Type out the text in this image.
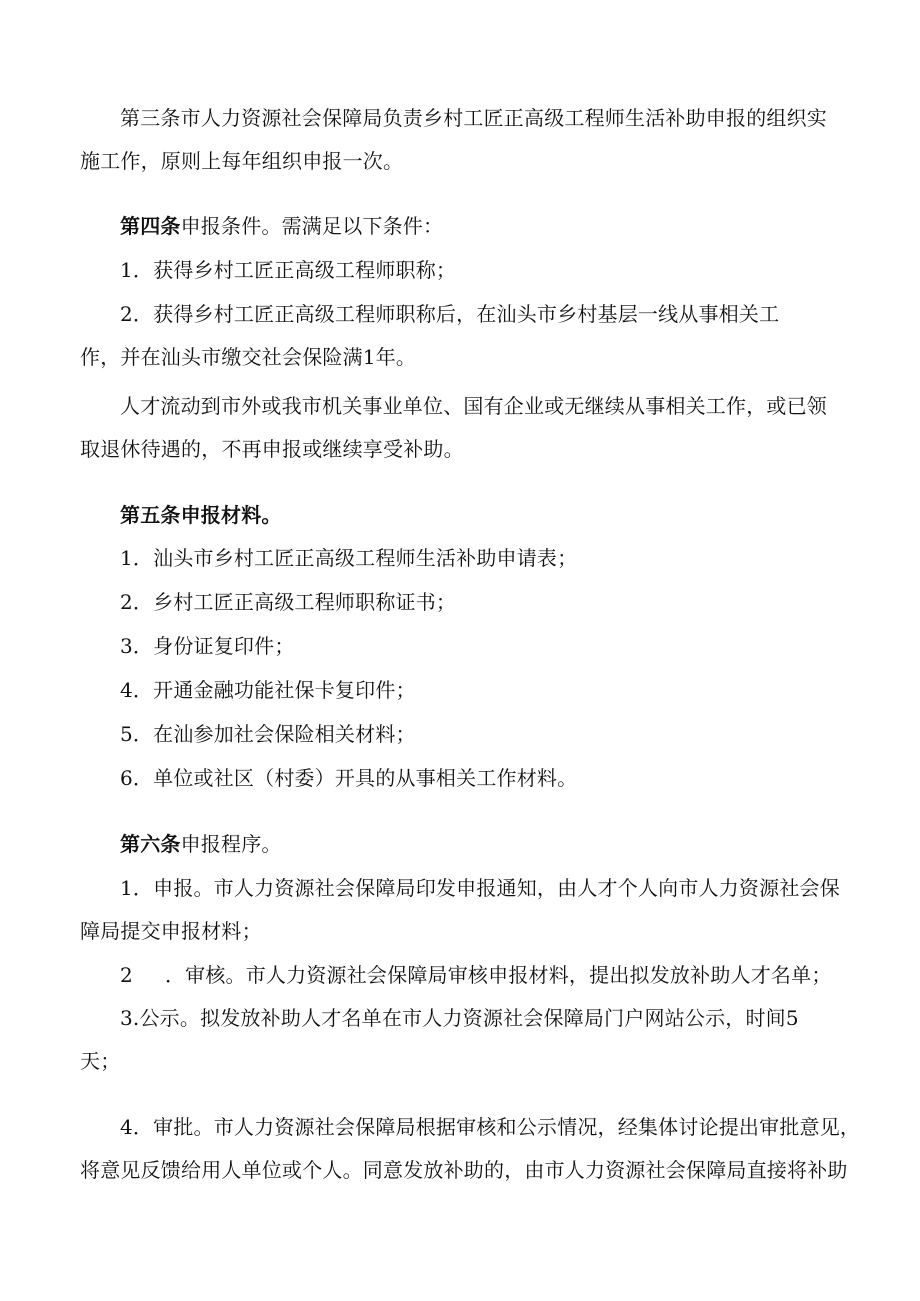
第三条市人力资源社会保障局负责乡村工匠正高级工程师生活补助申报的组织实
施工作，原则上每年组织申报一次。
第四条申报条件。需满足以下条件：
1．获得乡村工匠正高级工程师职称；
2．获得乡村工匠正高级工程师职称后，在汕头市乡村基层一线从事相关工
作，并在汕头市缴交社会保险满1年。
人才流动到市外或我市机关事业单位、国有企业或无继续从事相关工作，或已领
取退休待遇的，不再申报或继续享受补助。
第五条申报材料。
1．汕头市乡村工匠正高级工程师生活补助申请表；
2．乡村工匠正高级工程师职称证书；
3．身份证复印件；
4．开通金融功能社保卡复印件；
5．在汕参加社会保险相关材料；
6．单位或社区（村委）开具的从事相关工作材料。
第六条申报程序。
1．申报。市人力资源社会保障局印发申报通知，由人才个人向市人力资源社会保
障局提交申报材料；
2 ．审核。市人力资源社会保障局审核申报材料，提出拟发放补助人才名单；
3.公示。拟发放补助人才名单在市人力资源社会保障局门户网站公示，时间5
天；
4．审批。市人力资源社会保障局根据审核和公示情况，经集体讨论提出审批意见，
将意见反馈给用人单位或个人。同意发放补助的，由市人力资源社会保障局直接将补助
